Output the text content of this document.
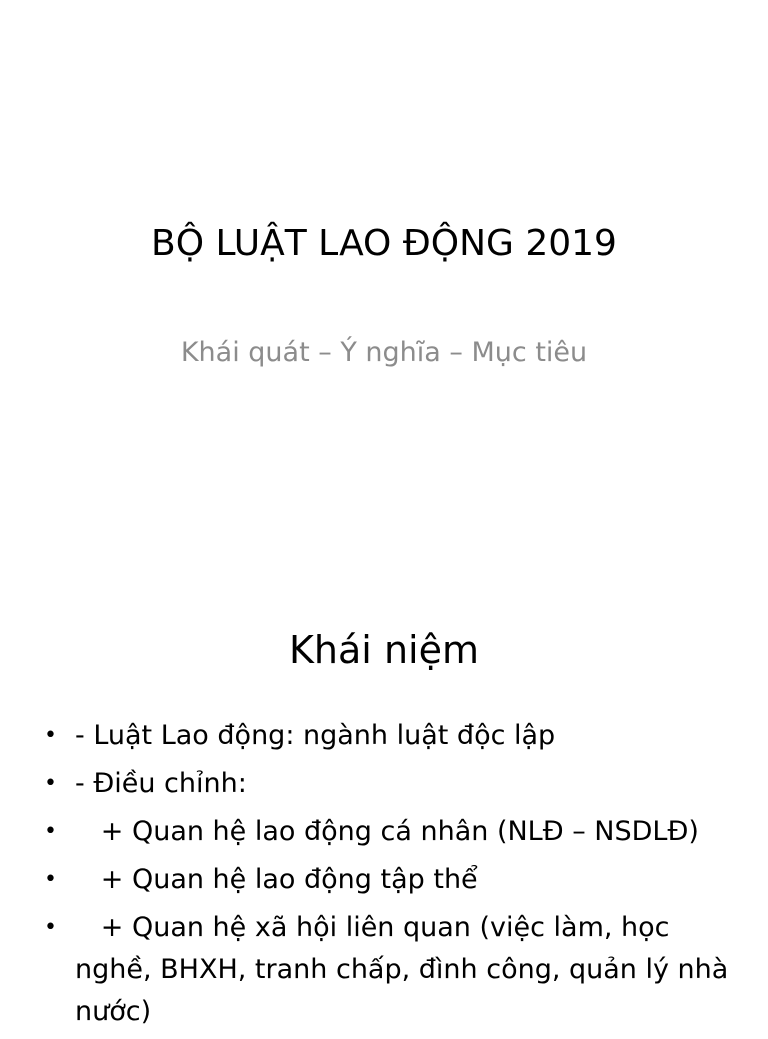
BỘ LUẬT LAO ĐỘNG 2019

Khái quát – Ý nghĩa – Mục tiêu

Khái niệm
• - Luật Lao động: ngành luật độc lập
• - Điều chỉnh:
• + Quan hệ lao động cá nhân (NLĐ – NSDLĐ)
• + Quan hệ lao động tập thể
• + Quan hệ xã hội liên quan (việc làm, học nghề, BHXH, tranh chấp, đình công, quản lý nhà nước)
